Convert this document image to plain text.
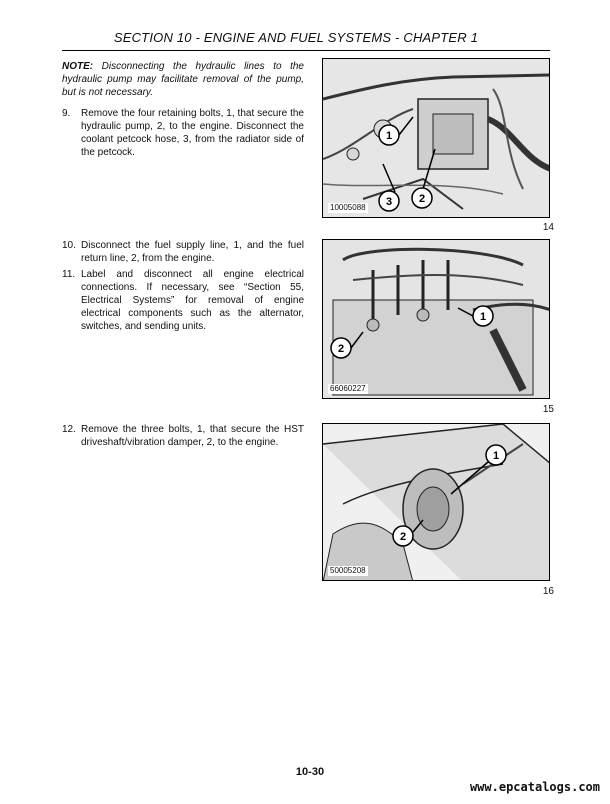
SECTION 10 - ENGINE AND FUEL SYSTEMS - CHAPTER 1
NOTE: Disconnecting the hydraulic lines to the hydraulic pump may facilitate removal of the pump, but is not necessary.
9.	Remove the four retaining bolts, 1, that secure the hydraulic pump, 2, to the engine. Disconnect the coolant petcock hose, 3, from the radiator side of the petcock.
10. Disconnect the fuel supply line, 1, and the fuel return line, 2, from the engine.
11. Label and disconnect all engine electrical connections. If necessary, see “Section 55, Electrical Systems” for removal of engine electrical components such as the alternator, switches, and sending units.
12. Remove the three bolts, 1, that secure the HST driveshaft/vibration damper, 2, to the engine.
1
2
3
10005088
14
1
2
66060227
15
1
2
50005208
16
10-30
www.epcatalogs.com
